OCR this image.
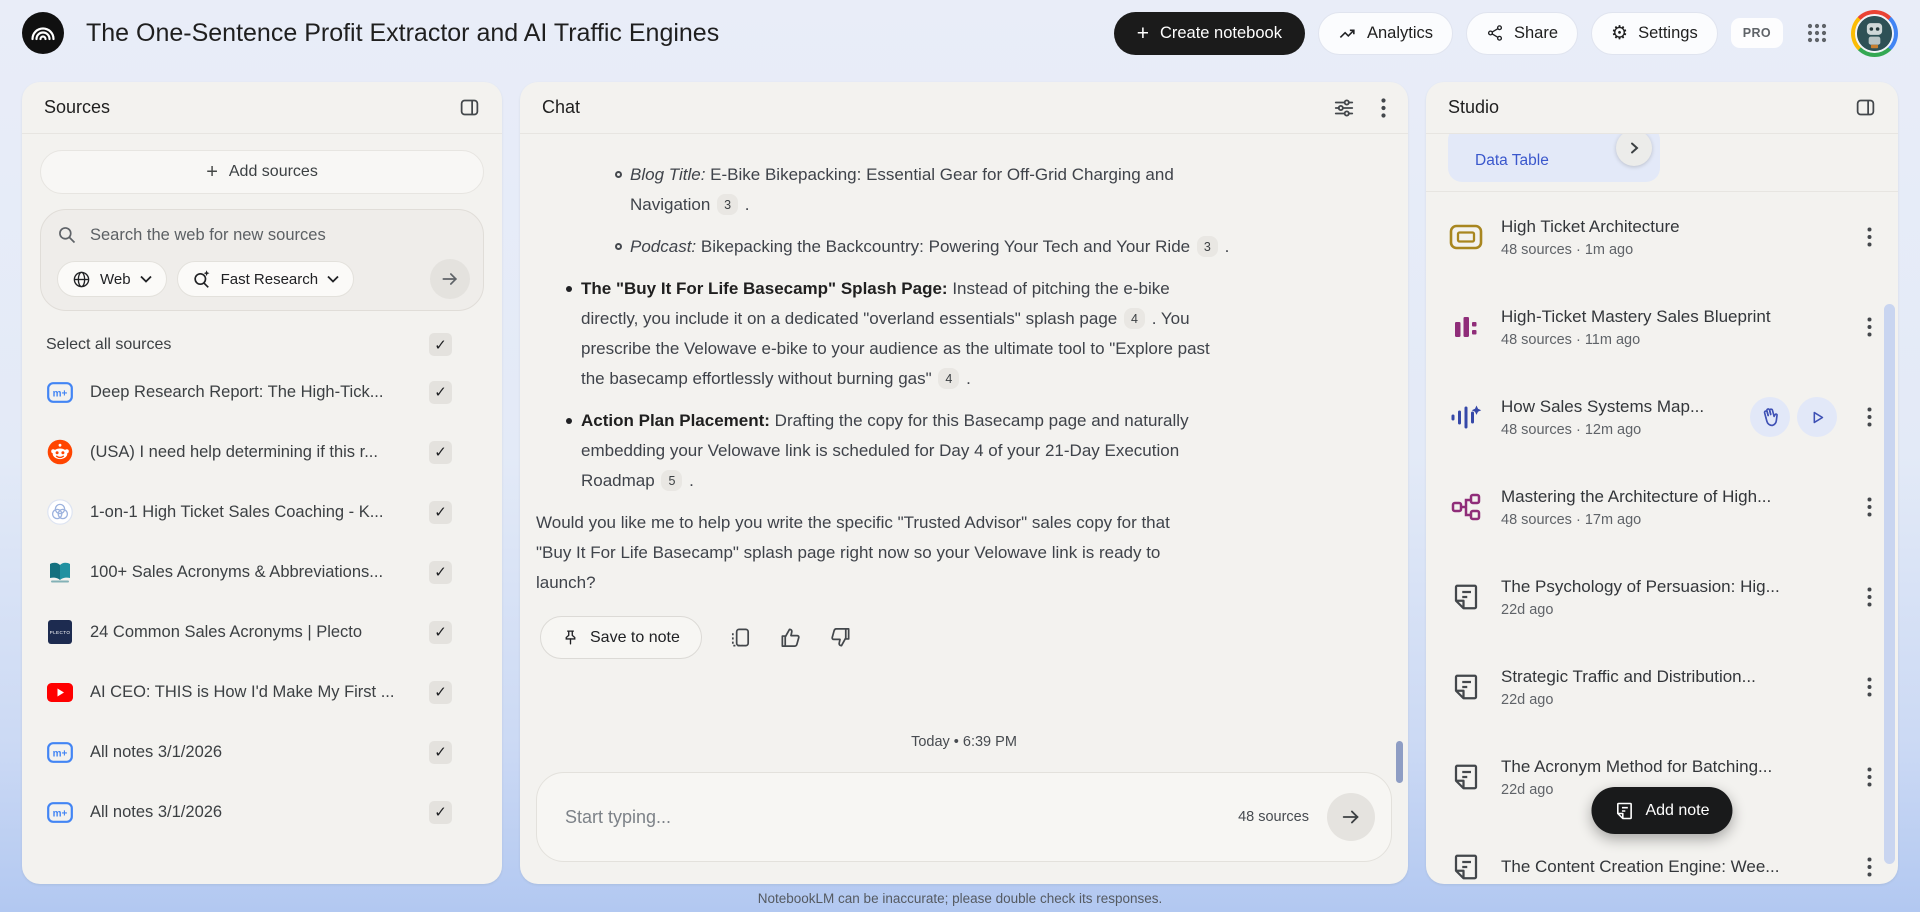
The One-Sentence Profit Extractor and AI Traffic Engines	+ Create notebook	Analytics	Share	⚙ Settings	PRO
Sources
+ Add sources
Search the web for new sources
Web	Fast Research
Select all sources	✓
m+ Deep Research Report: The High-Tick...	✓
(USA) I need help determining if this r...	✓
1-on-1 High Ticket Sales Coaching - K...	✓
100+ Sales Acronyms & Abbreviations...	✓
PLECTO 24 Common Sales Acronyms | Plecto	✓
AI CEO: THIS is How I'd Make My First ...	✓
m+ All notes 3/1/2026	✓
m+ All notes 3/1/2026	✓
Chat
Blog Title: E-Bike Bikepacking: Essential Gear for Off-Grid Charging and
Navigation 3 .
Podcast: Bikepacking the Backcountry: Powering Your Tech and Your Ride 3 .
The "Buy It For Life Basecamp" Splash Page: Instead of pitching the e-bike
directly, you include it on a dedicated "overland essentials" splash page 4 . You
prescribe the Velowave e-bike to your audience as the ultimate tool to "Explore past
the basecamp effortlessly without burning gas" 4 .
Action Plan Placement: Drafting the copy for this Basecamp page and naturally
embedding your Velowave link is scheduled for Day 4 of your 21-Day Execution
Roadmap 5 .
Would you like me to help you write the specific "Trusted Advisor" sales copy for that
"Buy It For Life Basecamp" splash page right now so your Velowave link is ready to
launch?
Save to note
Today • 6:39 PM
Start typing...
48 sources
Studio
Data Table
High Ticket Architecture
48 sources · 1m ago
High-Ticket Mastery Sales Blueprint
48 sources · 11m ago
How Sales Systems Map...
48 sources · 12m ago
Mastering the Architecture of High...
48 sources · 17m ago
The Psychology of Persuasion: Hig...
22d ago
Strategic Traffic and Distribution...
22d ago
The Acronym Method for Batching...
22d ago
The Content Creation Engine: Wee...
Add note
NotebookLM can be inaccurate; please double check its responses.
